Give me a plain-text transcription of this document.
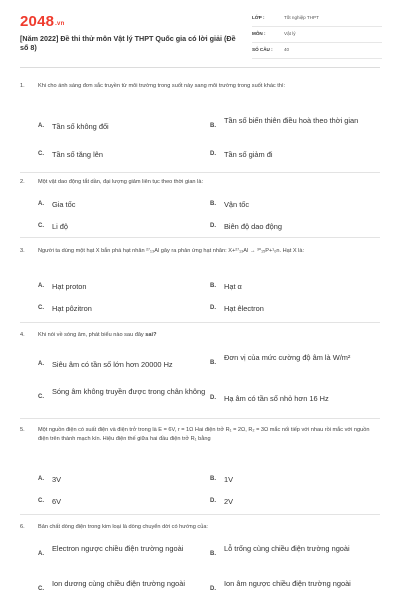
2048.vn
[Năm 2022] Đề thi thử môn Vật lý THPT Quốc gia có lời giải (Đề số 8)
LỚP :	Tốt nghiệp THPT
MÔN :	Vật lý
SỐ CÂU : 40
1. Khi cho ánh sáng đơn sắc truyền từ môi trường trong suốt này sang môi trường trong suốt khác thì:
A. Tần số không đổi	B.
Tần số biến thiên điều hoà theo thời gian
C. Tần số tăng lên	D. Tần số giảm đi
2. Một vật dao động tắt dần, đại lượng giảm liên tục theo thời gian là:
A. Gia tốc	B. Vận tốc
C. Li độ	D. Biên độ dao động
3. Người ta dùng một hạt X bắn phá hạt nhân ²⁷₁₃Al gây ra phản ứng hạt nhân: X+²⁷₁₃Al → ³⁰₁₅P+¹₀n. Hạt X là:
A. Hạt proton	B. Hạt α
C. Hạt pôzitron	D. Hạt êlectron
4. Khi nói về sóng âm, phát biểu nào sau đây sai?
A. Siêu âm có tần số lớn hơn 20000 Hz	B.
Đơn vị của mức cường độ âm là W/m²
C.
Sóng âm không truyền được trong chân không
D. Hạ âm có tần số nhỏ hơn 16 Hz
5. Một nguồn điện có suất điện và điện trở trong là E = 6V, r = 1Ω Hai điện trở R₁ = 2Ω, R₂ = 3Ω mắc nối tiếp với nhau rồi mắc với nguồn điện trên thành mạch kín. Hiệu điện thế giữa hai đầu điện trở R₁ bằng
A. 3V	B. 1V
C. 6V	D. 2V
6. Bản chất dòng điện trong kim loại là dòng chuyển dời có hướng của:
A.
Electron ngược chiều điện trường ngoài
B.
Lỗ trống cùng chiều điện trường ngoài
C.
Ion dương cùng chiều điện trường ngoài
D.
Ion âm ngược chiều điện trường ngoài
